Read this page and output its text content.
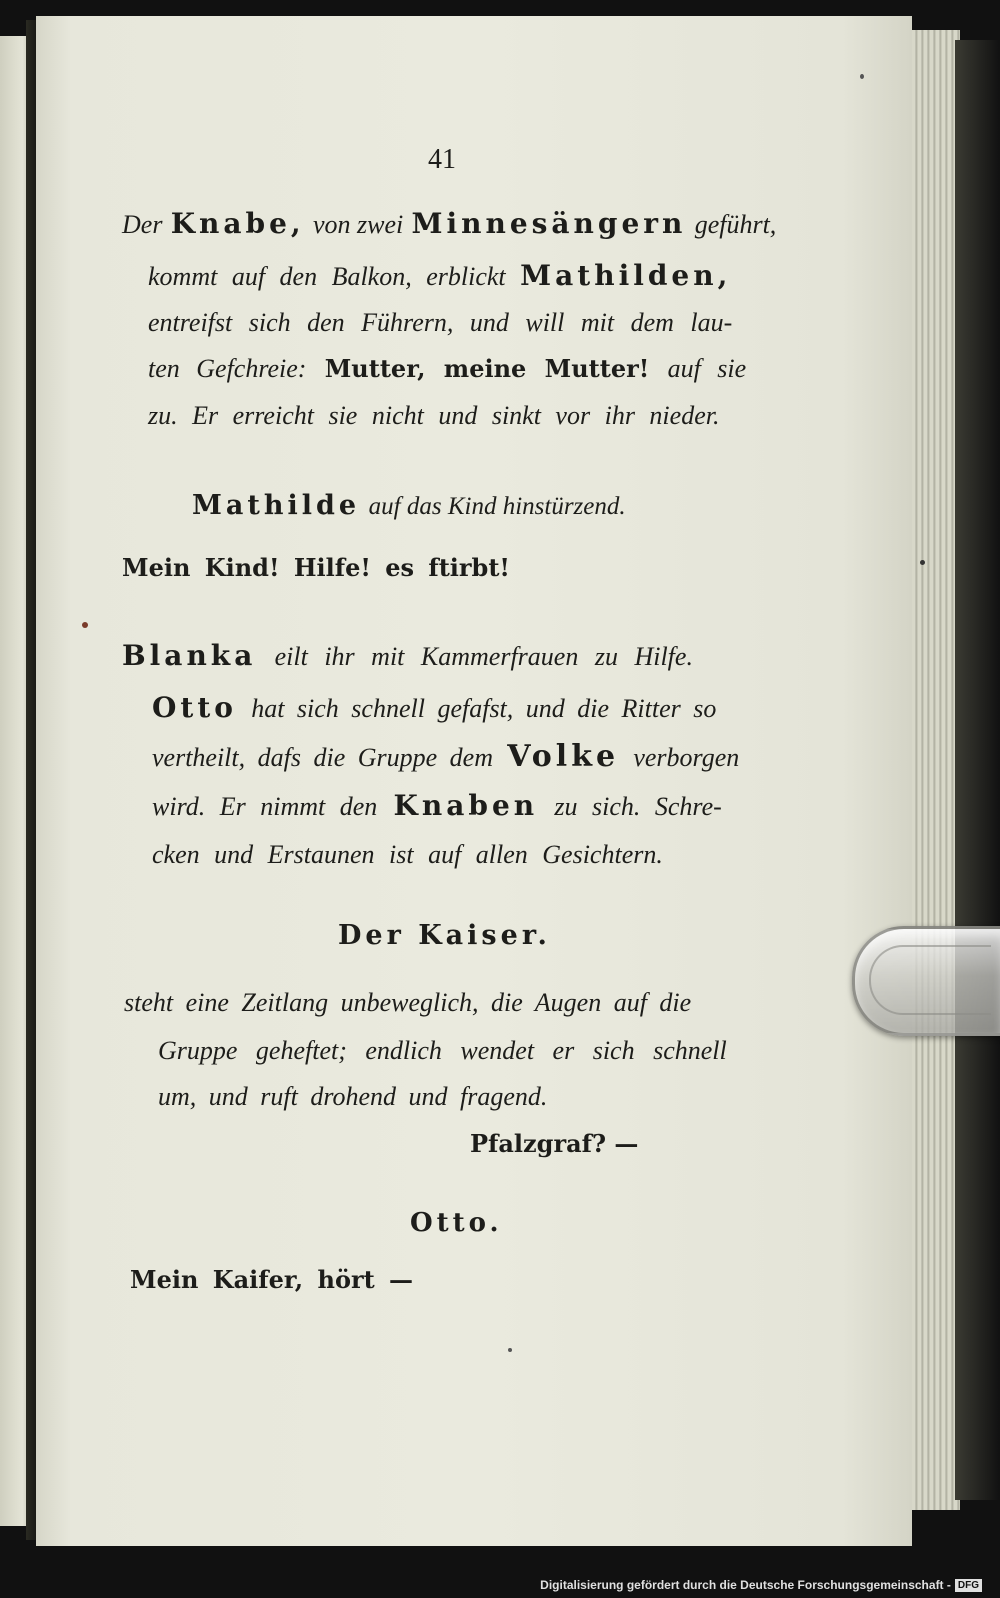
41
Der Knabe, von zwei Minnesängern geführt,
kommt auf den Balkon, erblickt Mathilden,
entreifst sich den Führern, und will mit dem lau-
ten Gefchreie: Mutter, meine Mutter! auf sie
zu. Er erreicht sie nicht und sinkt vor ihr nieder.
Mathilde auf das Kind hinstürzend.
Mein Kind! Hilfe! es ftirbt!
Blanka eilt ihr mit Kammerfrauen zu Hilfe.
Otto hat sich schnell gefafst, und die Ritter so
vertheilt, dafs die Gruppe dem Volke verborgen
wird. Er nimmt den Knaben zu sich. Schre-
cken und Erstaunen ist auf allen Gesichtern.
Der Kaiser.
steht eine Zeitlang unbeweglich, die Augen auf die
Gruppe geheftet; endlich wendet er sich schnell
um, und ruft drohend und fragend.
Pfalzgraf? —
Otto.
Mein Kaifer, hört —
Digitalisierung gefördert durch die Deutsche Forschungsgemeinschaft - DFG
